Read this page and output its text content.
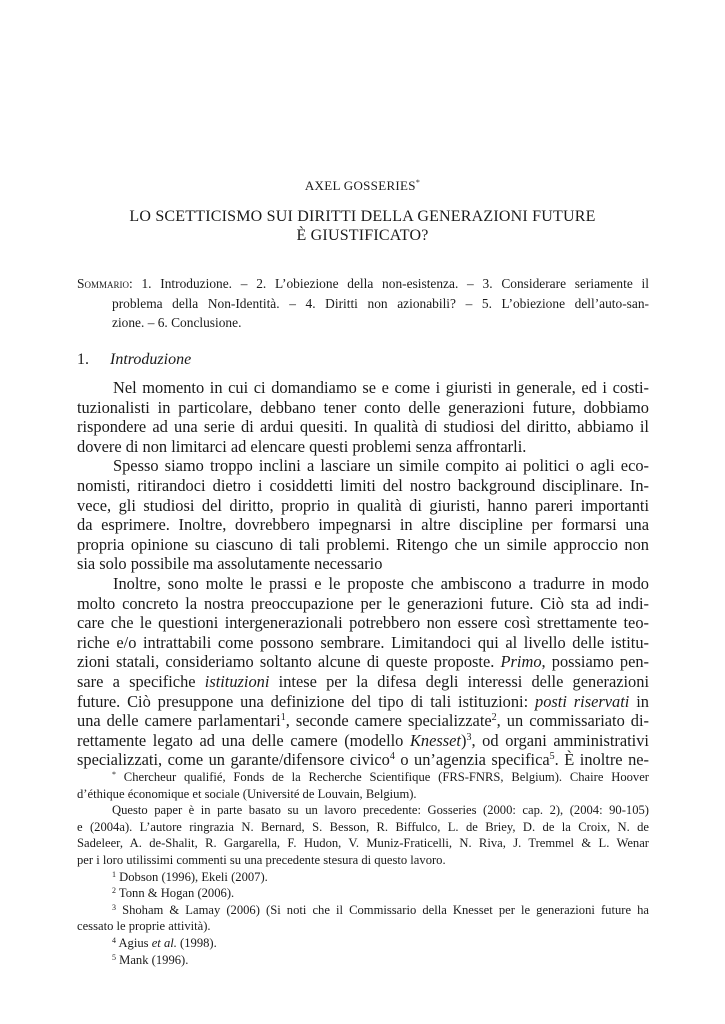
AXEL GOSSERIES*
LO SCETTICISMO SUI DIRITTI DELLA GENERAZIONI FUTURE
È GIUSTIFICATO?
Sommario: 1. Introduzione. – 2. L’obiezione della non-esistenza. – 3. Considerare seriamente il
problema della Non-Identità. – 4. Diritti non azionabili? – 5. L’obiezione dell’auto-san-
zione. – 6. Conclusione.
1. Introduzione
Nel momento in cui ci domandiamo se e come i giuristi in generale, ed i costi-
tuzionalisti in particolare, debbano tener conto delle generazioni future, dobbiamo
rispondere ad una serie di ardui quesiti. In qualità di studiosi del diritto, abbiamo il
dovere di non limitarci ad elencare questi problemi senza affrontarli.
Spesso siamo troppo inclini a lasciare un simile compito ai politici o agli eco-
nomisti, ritirandoci dietro i cosiddetti limiti del nostro background disciplinare. In-
vece, gli studiosi del diritto, proprio in qualità di giuristi, hanno pareri importanti
da esprimere. Inoltre, dovrebbero impegnarsi in altre discipline per formarsi una
propria opinione su ciascuno di tali problemi. Ritengo che un simile approccio non
sia solo possibile ma assolutamente necessario
Inoltre, sono molte le prassi e le proposte che ambiscono a tradurre in modo
molto concreto la nostra preoccupazione per le generazioni future. Ciò sta ad indi-
care che le questioni intergenerazionali potrebbero non essere così strettamente teo-
riche e/o intrattabili come possono sembrare. Limitandoci qui al livello delle istitu-
zioni statali, consideriamo soltanto alcune di queste proposte. Primo, possiamo pen-
sare a specifiche istituzioni intese per la difesa degli interessi delle generazioni
future. Ciò presuppone una definizione del tipo di tali istituzioni: posti riservati in
una delle camere parlamentari$^1$, seconde camere specializzate$^2$, un commissariato di-
rettamente legato ad una delle camere (modello Knesset)$^3$, od organi amministrativi
specializzati, come un garante/difensore civico$^4$ o un’agenzia specifica$^5$. È inoltre ne-
* Chercheur qualifié, Fonds de la Recherche Scientifique (FRS-FNRS, Belgium). Chaire Hoover
d’éthique économique et sociale (Université de Louvain, Belgium).
Questo paper è in parte basato su un lavoro precedente: Gosseries (2000: cap. 2), (2004: 90-105)
e (2004a). L’autore ringrazia N. Bernard, S. Besson, R. Biffulco, L. de Briey, D. de la Croix, N. de
Sadeleer, A. de-Shalit, R. Gargarella, F. Hudon, V. Muniz-Fraticelli, N. Riva, J. Tremmel & L. Wenar
per i loro utilissimi commenti su una precedente stesura di questo lavoro.
$^1$ Dobson (1996), Ekeli (2007).
$^2$ Tonn & Hogan (2006).
$^3$ Shoham & Lamay (2006) (Si noti che il Commissario della Knesset per le generazioni future ha
cessato le proprie attività).
$^4$ Agius et al. (1998).
$^5$ Mank (1996).
